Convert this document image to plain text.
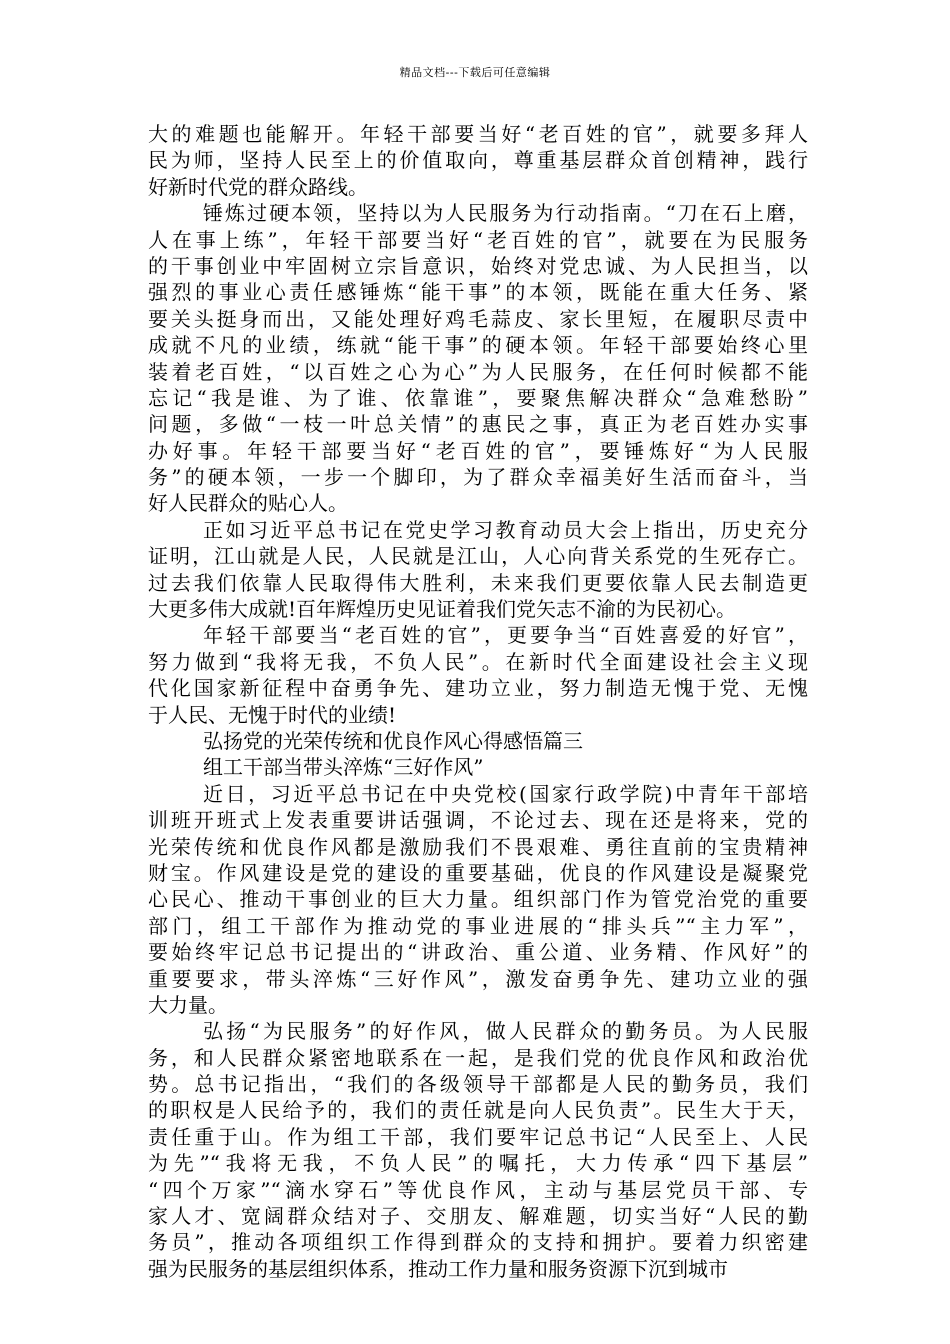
精品文档---下载后可任意编辑
大的难题也能解开。年轻干部要当好“老百姓的官”，就要多拜人
民为师，坚持人民至上的价值取向，尊重基层群众首创精神，践行
好新时代党的群众路线。
锤炼过硬本领，坚持以为人民服务为行动指南。“刀在石上磨，
人在事上练”，年轻干部要当好“老百姓的官”，就要在为民服务
的干事创业中牢固树立宗旨意识，始终对党忠诚、为人民担当，以
强烈的事业心责任感锤炼“能干事”的本领，既能在重大任务、紧
要关头挺身而出，又能处理好鸡毛蒜皮、家长里短，在履职尽责中
成就不凡的业绩，练就“能干事”的硬本领。年轻干部要始终心里
装着老百姓，“以百姓之心为心”为人民服务，在任何时候都不能
忘记“我是谁、为了谁、依靠谁”，要聚焦解决群众“急难愁盼”
问题，多做“一枝一叶总关情”的惠民之事，真正为老百姓办实事
办好事。年轻干部要当好“老百姓的官”，要锤炼好“为人民服
务”的硬本领，一步一个脚印，为了群众幸福美好生活而奋斗，当
好人民群众的贴心人。
正如习近平总书记在党史学习教育动员大会上指出，历史充分
证明，江山就是人民，人民就是江山，人心向背关系党的生死存亡。
过去我们依靠人民取得伟大胜利，未来我们更要依靠人民去制造更
大更多伟大成就!百年辉煌历史见证着我们党矢志不渝的为民初心。
年轻干部要当“老百姓的官”，更要争当“百姓喜爱的好官”，
努力做到“我将无我，不负人民”。在新时代全面建设社会主义现
代化国家新征程中奋勇争先、建功立业，努力制造无愧于党、无愧
于人民、无愧于时代的业绩!
弘扬党的光荣传统和优良作风心得感悟篇三
组工干部当带头淬炼“三好作风”
近日，习近平总书记在中央党校(国家行政学院)中青年干部培
训班开班式上发表重要讲话强调，不论过去、现在还是将来，党的
光荣传统和优良作风都是激励我们不畏艰难、勇往直前的宝贵精神
财宝。作风建设是党的建设的重要基础，优良的作风建设是凝聚党
心民心、推动干事创业的巨大力量。组织部门作为管党治党的重要
部门，组工干部作为推动党的事业进展的“排头兵”“主力军”，
要始终牢记总书记提出的“讲政治、重公道、业务精、作风好”的
重要要求，带头淬炼“三好作风”，激发奋勇争先、建功立业的强
大力量。
弘扬“为民服务”的好作风，做人民群众的勤务员。为人民服
务，和人民群众紧密地联系在一起，是我们党的优良作风和政治优
势。总书记指出，“我们的各级领导干部都是人民的勤务员，我们
的职权是人民给予的，我们的责任就是向人民负责”。民生大于天，
责任重于山。作为组工干部，我们要牢记总书记“人民至上、人民
为先”“我将无我，不负人民”的嘱托，大力传承“四下基层”
“四个万家”“滴水穿石”等优良作风，主动与基层党员干部、专
家人才、宽阔群众结对子、交朋友、解难题，切实当好“人民的勤
务员”，推动各项组织工作得到群众的支持和拥护。要着力织密建
强为民服务的基层组织体系，推动工作力量和服务资源下沉到城市
